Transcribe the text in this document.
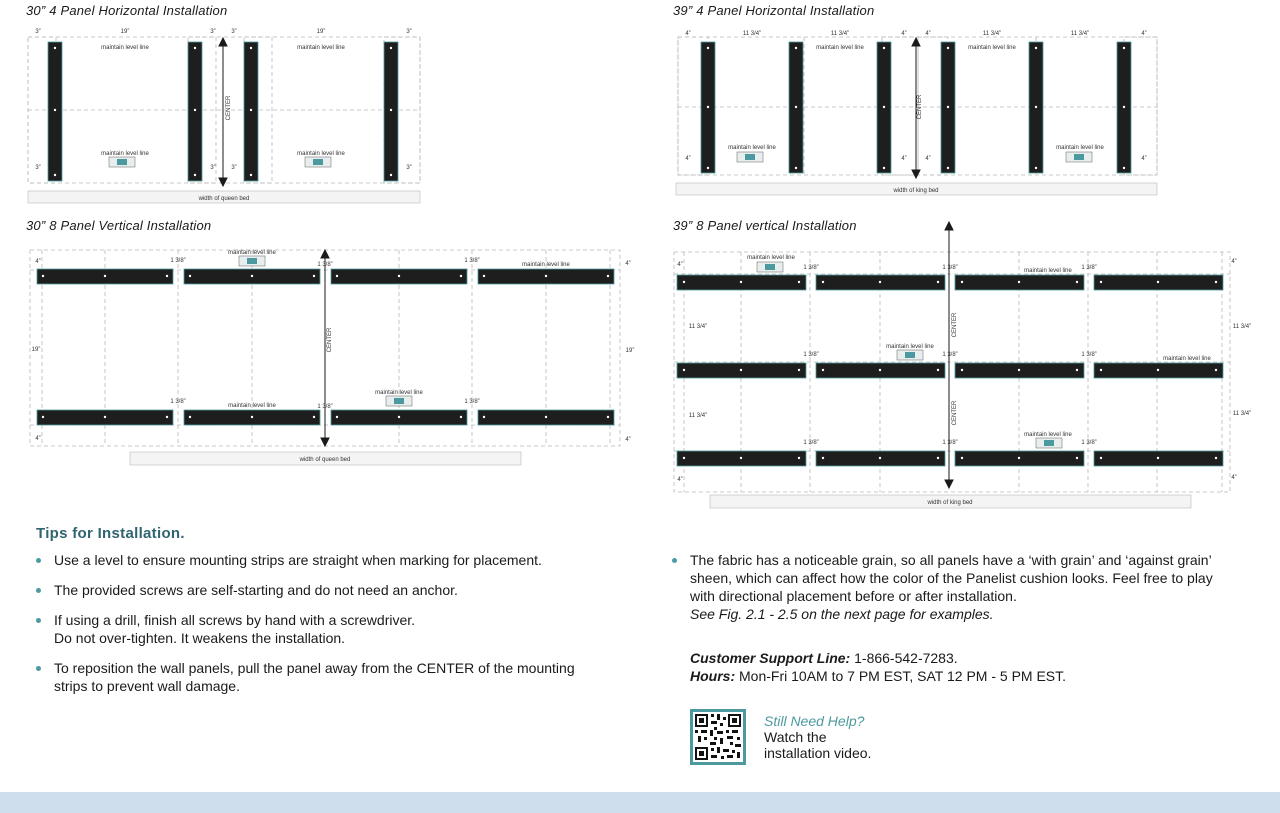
30” 4 Panel Horizontal Installation
CENTER
3”	19”	3”	3”	19”	3”
3”	3”	3”	3”
maintain level line	maintain level line
maintain level line	maintain level line
width of queen bed
39” 4 Panel Horizontal Installation
CENTER
4”	11 3/4”	11 3/4”	4”	4”	11 3/4”	11 3/4”	4”
4”	4”	4”	4”
maintain level line	maintain level line
maintain level line	maintain level line
width of king bed
30” 8 Panel Vertical Installation
CENTER
4”	4”
4”	4”
19”	19”
1 3/8”
1 3/8”
1 3/8”
1 3/8”
1 3/8”
1 3/8”
maintain level line
maintain level line
maintain level line
maintain level line
width of queen bed
39” 8 Panel vertical Installation
CENTER
CENTER
4”	4”
4”	4”
11 3/4”
11 3/4”
11 3/4”
11 3/4”
1 3/8”	1 3/8”	1 3/8”
1 3/8”	1 3/8”	1 3/8”
1 3/8”	1 3/8”	1 3/8”
maintain level line
maintain level line
maintain level line
maintain level line
maintain level line
width of king bed
Tips for Installation.
Use a level to ensure mounting strips are straight when marking for placement.
The provided screws are self-starting and do not need an anchor.
If using a drill, finish all screws by hand with a screwdriver.
Do not over-tighten. It weakens the installation.
To reposition the wall panels, pull the panel away from the CENTER of the mounting strips to prevent wall damage.
The fabric has a noticeable grain, so all panels have a ‘with grain’ and ‘against grain’ sheen, which can affect how the color of the Panelist cushion looks. Feel free to play with directional placement before or after installation.
See Fig. 2.1 - 2.5 on the next page for examples.
Customer Support Line: 1-866-542-7283.
Hours: Mon-Fri 10AM to 7 PM EST, SAT 12 PM - 5 PM EST.
Still Need Help?
Watch the
installation video.
